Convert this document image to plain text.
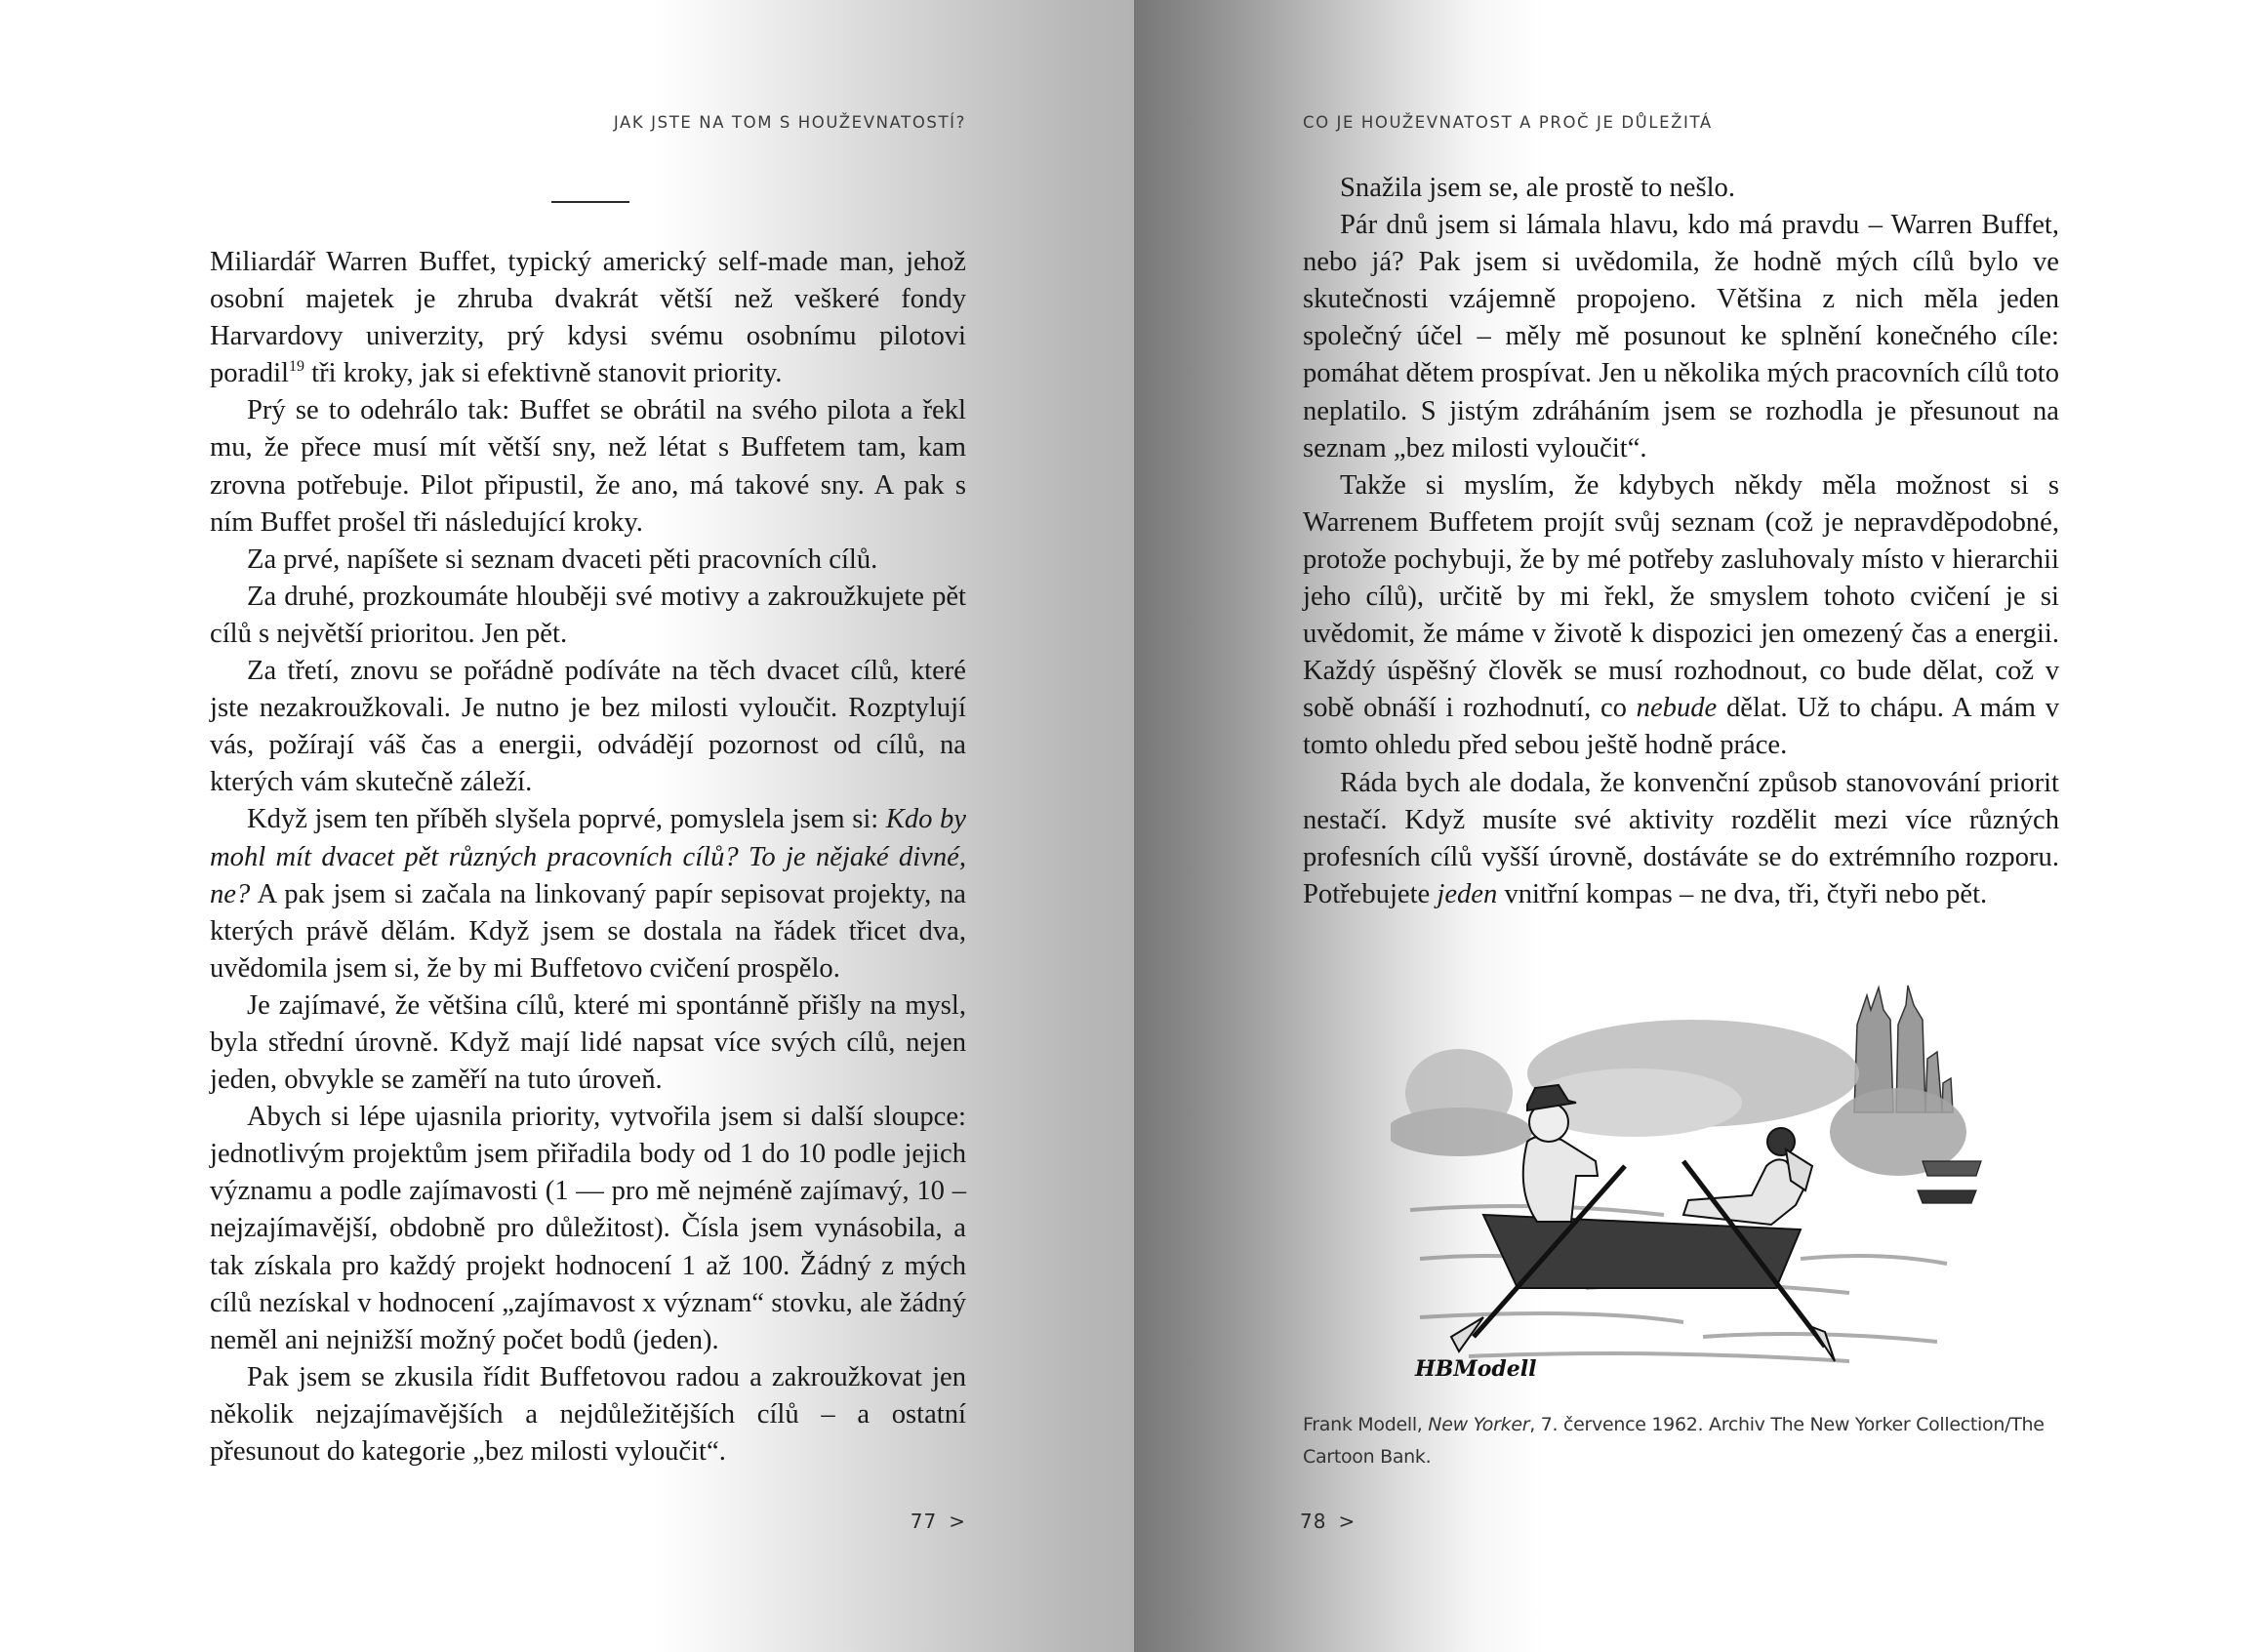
JAK JSTE NA TOM S HOUŽEVNATOSTÍ?

Miliardář Warren Buffet, typický americký self-made man, jehož osobní majetek je zhruba dvakrát větší než veškeré fondy Harvardovy univerzity, prý kdysi svému osobnímu pilotovi poradil$^{19}$ tři kroky, jak si efektivně stanovit priority.

Prý se to odehrálo tak: Buffet se obrátil na svého pilota a řekl mu, že přece musí mít větší sny, než létat s Buffetem tam, kam zrovna potřebuje. Pilot připustil, že ano, má takové sny. A pak s ním Buffet prošel tři následující kroky.

Za prvé, napíšete si seznam dvaceti pěti pracovních cílů.

Za druhé, prozkoumáte hlouběji své motivy a zakroužkujete pět cílů s největší prioritou. Jen pět.

Za třetí, znovu se pořádně podíváte na těch dvacet cílů, které jste nezakroužkovali. Je nutno je bez milosti vyloučit. Rozptylují vás, požírají váš čas a energii, odvádějí pozornost od cílů, na kterých vám skutečně záleží.

Když jsem ten příběh slyšela poprvé, pomyslela jsem si: Kdo by mohl mít dvacet pět různých pracovních cílů? To je nějaké divné, ne? A pak jsem si začala na linkovaný papír sepisovat projekty, na kterých právě dělám. Když jsem se dostala na řádek třicet dva, uvědomila jsem si, že by mi Buffetovo cvičení prospělo.

Je zajímavé, že většina cílů, které mi spontánně přišly na mysl, byla střední úrovně. Když mají lidé napsat více svých cílů, nejen jeden, obvykle se zaměří na tuto úroveň.

Abych si lépe ujasnila priority, vytvořila jsem si další sloupce: jednotlivým projektům jsem přiřadila body od 1 do 10 podle jejich významu a podle zajímavosti (1 — pro mě nejméně zajímavý, 10 – nejzajímavější, obdobně pro důležitost). Čísla jsem vynásobila, a tak získala pro každý projekt hodnocení 1 až 100. Žádný z mých cílů nezískal v hodnocení „zajímavost x význam“ stovku, ale žádný neměl ani nejnižší možný počet bodů (jeden).

Pak jsem se zkusila řídit Buffetovou radou a zakroužkovat jen několik nejzajímavějších a nejdůležitějších cílů – a ostatní přesunout do kategorie „bez milosti vyloučit“.

77 >
CO JE HOUŽEVNATOST A PROČ JE DŮLEŽITÁ

Snažila jsem se, ale prostě to nešlo.

Pár dnů jsem si lámala hlavu, kdo má pravdu – Warren Buffet, nebo já? Pak jsem si uvědomila, že hodně mých cílů bylo ve skutečnosti vzájemně propojeno. Většina z nich měla jeden společný účel – měly mě posunout ke splnění konečného cíle: pomáhat dětem prospívat. Jen u několika mých pracovních cílů toto neplatilo. S jistým zdráháním jsem se rozhodla je přesunout na seznam „bez milosti vyloučit“.

Takže si myslím, že kdybych někdy měla možnost si s Warrenem Buffetem projít svůj seznam (což je nepravděpodobné, protože pochybuji, že by mé potřeby zasluhovaly místo v hierarchii jeho cílů), určitě by mi řekl, že smyslem tohoto cvičení je si uvědomit, že máme v životě k dispozici jen omezený čas a energii. Každý úspěšný člověk se musí rozhodnout, co bude dělat, což v sobě obnáší i rozhodnutí, co nebude dělat. Už to chápu. A mám v tomto ohledu před sebou ještě hodně práce.

Ráda bych ale dodala, že konvenční způsob stanovování priorit nestačí. Když musíte své aktivity rozdělit mezi více různých profesních cílů vyšší úrovně, dostáváte se do extrémního rozporu. Potřebujete jeden vnitřní kompas – ne dva, tři, čtyři nebo pět.

HBModell
Frank Modell, New Yorker, 7. července 1962. Archiv The New Yorker Collection/The Cartoon Bank.
78 >
